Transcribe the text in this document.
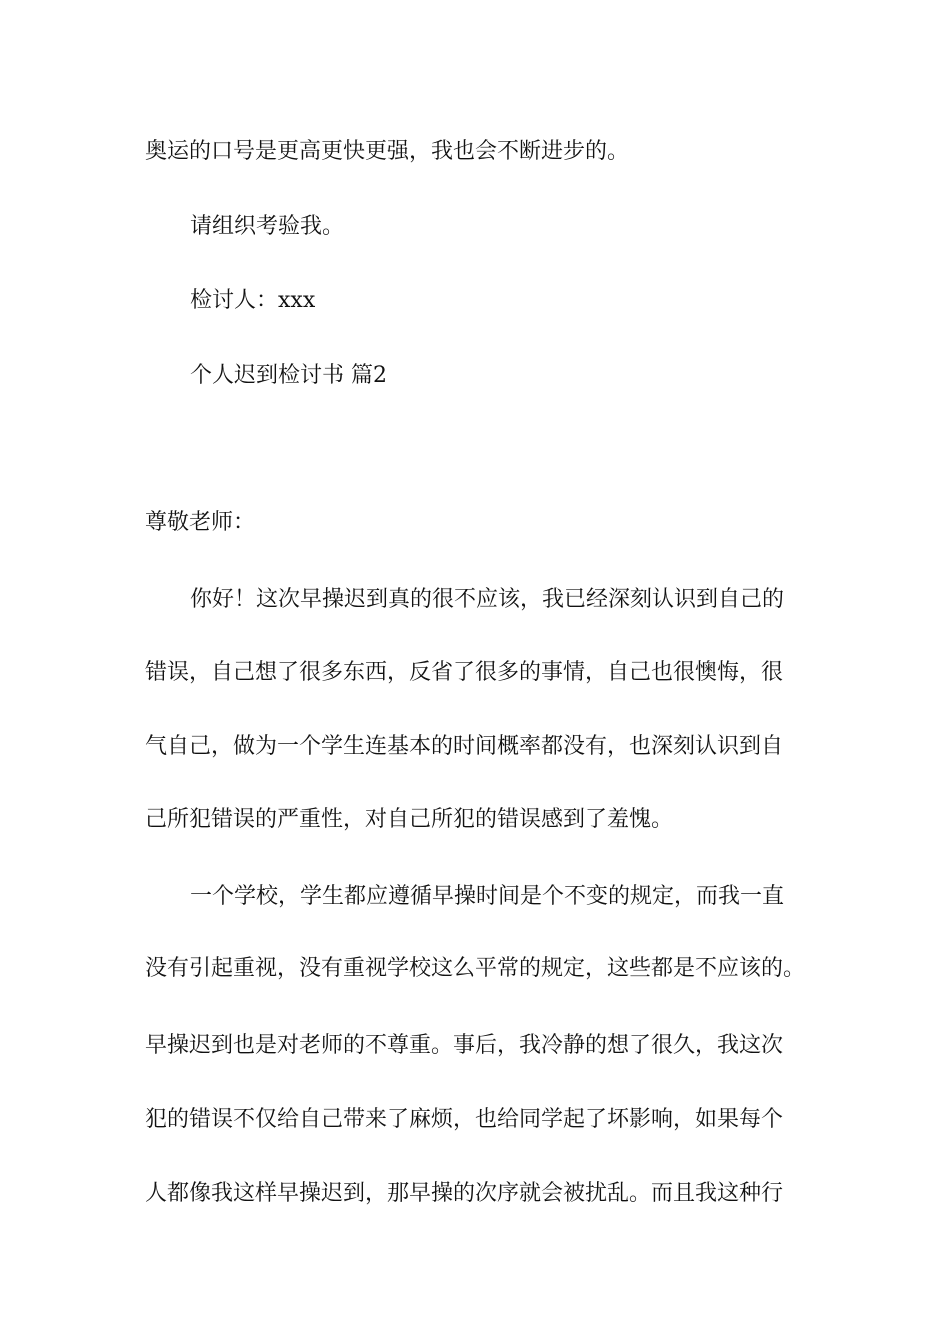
奥运的口号是更高更快更强，我也会不断进步的。
请组织考验我。
检讨人：xxx
个人迟到检讨书 篇2
尊敬老师：
你好！这次早操迟到真的很不应该，我已经深刻认识到自己的
错误，自己想了很多东西，反省了很多的事情，自己也很懊悔，很
气自己，做为一个学生连基本的时间概率都没有，也深刻认识到自
己所犯错误的严重性，对自己所犯的错误感到了羞愧。
一个学校，学生都应遵循早操时间是个不变的规定，而我一直
没有引起重视，没有重视学校这么平常的规定，这些都是不应该的。
早操迟到也是对老师的不尊重。事后，我冷静的想了很久，我这次
犯的错误不仅给自己带来了麻烦，也给同学起了坏影响，如果每个
人都像我这样早操迟到，那早操的次序就会被扰乱。而且我这种行
